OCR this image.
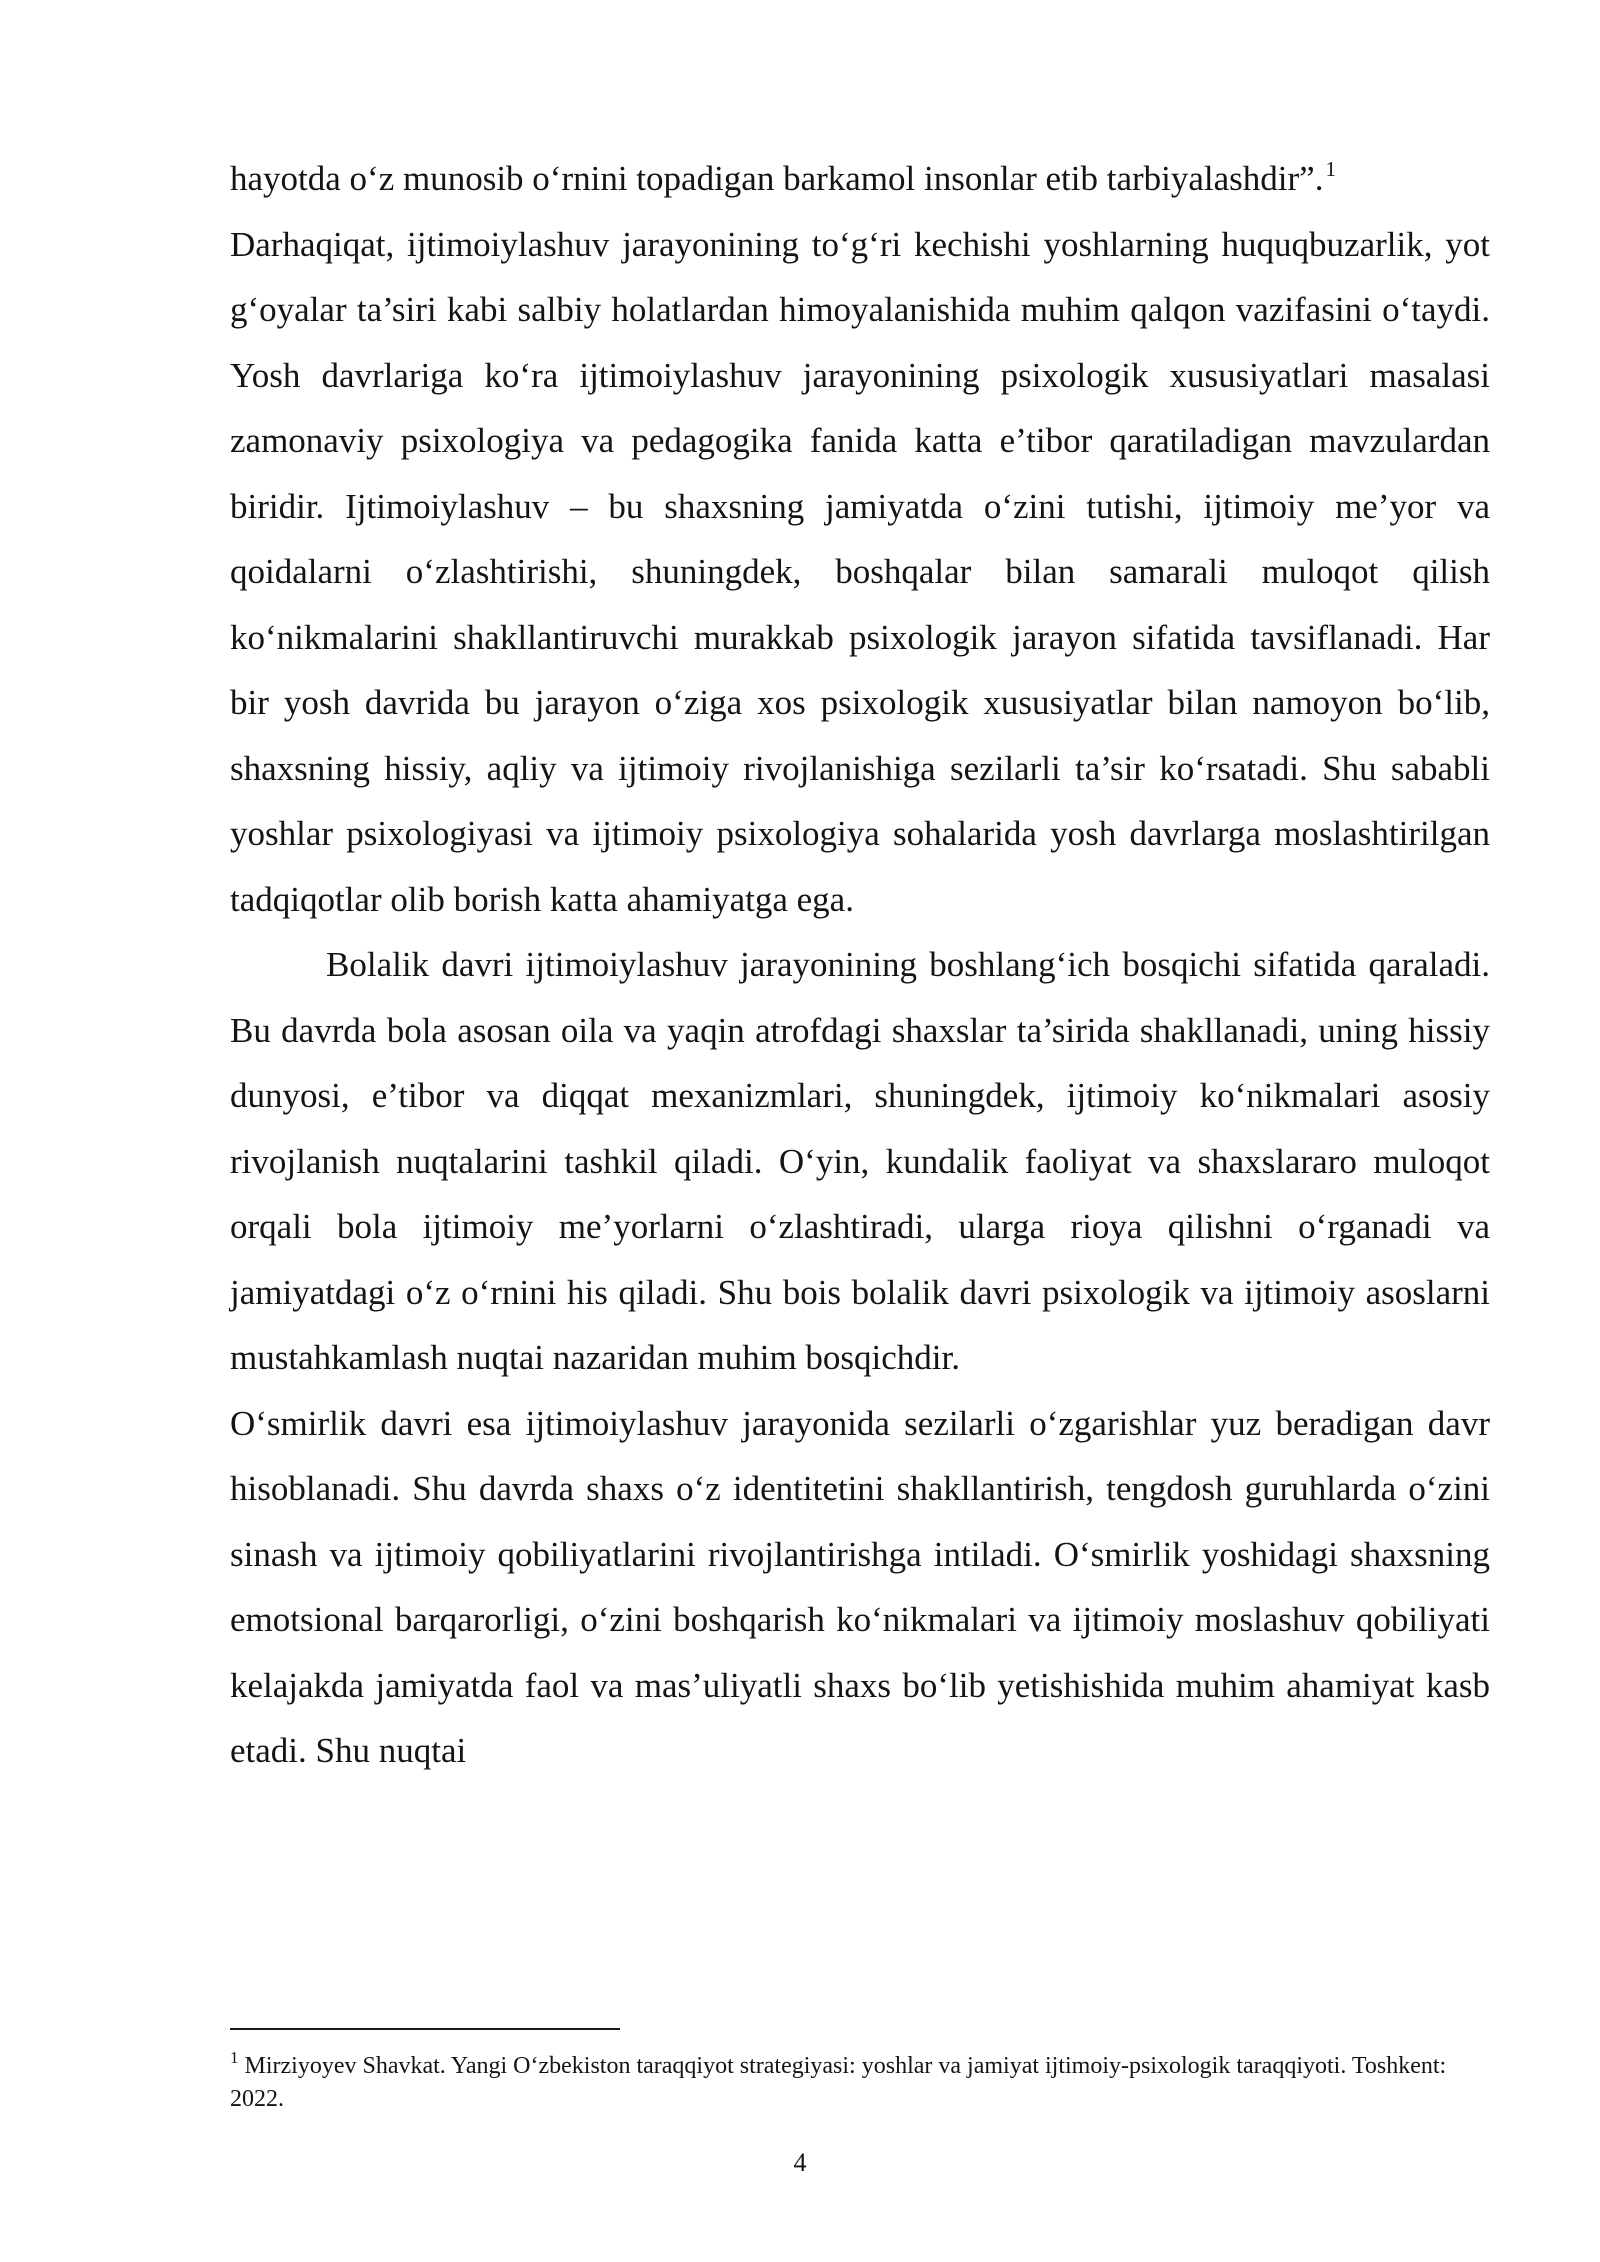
hayotda o‘z munosib o‘rnini topadigan barkamol insonlar etib tarbiyalashdir”.$^1$

Darhaqiqat, ijtimoiylashuv jarayonining to‘g‘ri kechishi yoshlarning huquqbuzarlik, yot g‘oyalar ta’siri kabi salbiy holatlardan himoyalanishida muhim qalqon vazifasini o‘taydi. Yosh davrlariga ko‘ra ijtimoiylashuv jarayonining psixologik xususiyatlari masalasi zamonaviy psixologiya va pedagogika fanida katta e’tibor qaratiladigan mavzulardan biridir. Ijtimoiylashuv – bu shaxsning jamiyatda o‘zini tutishi, ijtimoiy me’yor va qoidalarni o‘zlashtirishi, shuningdek, boshqalar bilan samarali muloqot qilish ko‘nikmalarini shakllantiruvchi murakkab psixologik jarayon sifatida tavsiflanadi. Har bir yosh davrida bu jarayon o‘ziga xos psixologik xususiyatlar bilan namoyon bo‘lib, shaxsning hissiy, aqliy va ijtimoiy rivojlanishiga sezilarli ta’sir ko‘rsatadi. Shu sababli yoshlar psixologiyasi va ijtimoiy psixologiya sohalarida yosh davrlarga moslashtirilgan tadqiqotlar olib borish katta ahamiyatga ega.

Bolalik davri ijtimoiylashuv jarayonining boshlang‘ich bosqichi sifatida qaraladi. Bu davrda bola asosan oila va yaqin atrofdagi shaxslar ta’sirida shakllanadi, uning hissiy dunyosi, e’tibor va diqqat mexanizmlari, shuningdek, ijtimoiy ko‘nikmalari asosiy rivojlanish nuqtalarini tashkil qiladi. O‘yin, kundalik faoliyat va shaxslararo muloqot orqali bola ijtimoiy me’yorlarni o‘zlashtiradi, ularga rioya qilishni o‘rganadi va jamiyatdagi o‘z o‘rnini his qiladi. Shu bois bolalik davri psixologik va ijtimoiy asoslarni mustahkamlash nuqtai nazaridan muhim bosqichdir.

O‘smirlik davri esa ijtimoiylashuv jarayonida sezilarli o‘zgarishlar yuz beradigan davr hisoblanadi. Shu davrda shaxs o‘z identitetini shakllantirish, tengdosh guruhlarda o‘zini sinash va ijtimoiy qobiliyatlarini rivojlantirishga intiladi. O‘smirlik yoshidagi shaxsning emotsional barqarorligi, o‘zini boshqarish ko‘nikmalari va ijtimoiy moslashuv qobiliyati kelajakda jamiyatda faol va mas’uliyatli shaxs bo‘lib yetishishida muhim ahamiyat kasb etadi. Shu nuqtai

$^1$ Mirziyoyev Shavkat. Yangi O‘zbekiston taraqqiyot strategiyasi: yoshlar va jamiyat ijtimoiy-psixologik taraqqiyoti. Toshkent: 2022.

4
